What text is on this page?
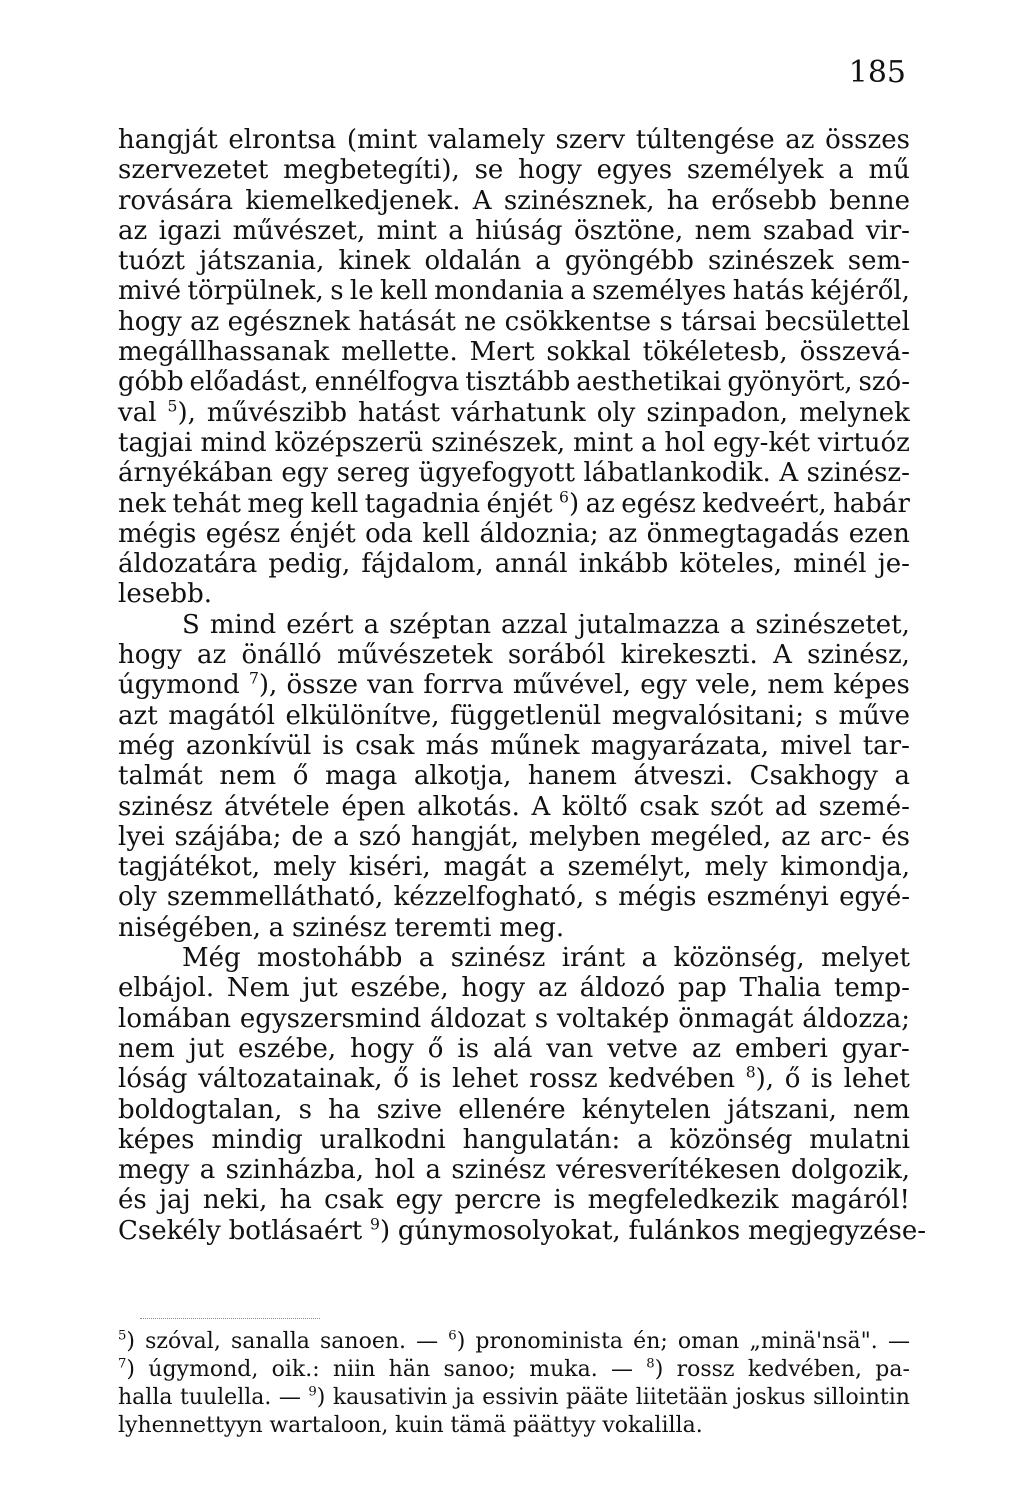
185
hangját elrontsa (mint valamely szerv túltengése az összes
szervezetet megbetegíti), se hogy egyes személyek a mű
rovására kiemelkedjenek. A szinésznek, ha erősebb benne
az igazi művészet, mint a hiúság ösztöne, nem szabad vir-
tuózt játszania, kinek oldalán a gyöngébb szinészek sem-
mivé törpülnek, s le kell mondania a személyes hatás kéjéről,
hogy az egésznek hatását ne csökkentse s társai becsülettel
megállhassanak mellette. Mert sokkal tökéletesb, összevá-
góbb előadást, ennélfogva tisztább aesthetikai gyönyört, szó-
val $^5$), művészibb hatást várhatunk oly szinpadon, melynek
tagjai mind középszerü szinészek, mint a hol egy-két virtuóz
árnyékában egy sereg ügyefogyott lábatlankodik. A szinész-
nek tehát meg kell tagadnia énjét $^6$) az egész kedveért, habár
mégis egész énjét oda kell áldoznia; az önmegtagadás ezen
áldozatára pedig, fájdalom, annál inkább köteles, minél je-
lesebb.
S mind ezért a széptan azzal jutalmazza a szinészetet,
hogy az önálló művészetek sorából kirekeszti. A szinész,
úgymond $^7$), össze van forrva művével, egy vele, nem képes
azt magától elkülönítve, függetlenül megvalósitani; s műve
még azonkívül is csak más műnek magyarázata, mivel tar-
talmát nem ő maga alkotja, hanem átveszi. Csakhogy a
szinész átvétele épen alkotás. A költő csak szót ad szemé-
lyei szájába; de a szó hangját, melyben megéled, az arc- és
tagjátékot, mely kiséri, magát a személyt, mely kimondja,
oly szemmellátható, kézzelfogható, s mégis eszményi egyé-
niségében, a szinész teremti meg.
Még mostohább a szinész iránt a közönség, melyet
elbájol. Nem jut eszébe, hogy az áldozó pap Thalia temp-
lomában egyszersmind áldozat s voltakép önmagát áldozza;
nem jut eszébe, hogy ő is alá van vetve az emberi gyar-
lóság változatainak, ő is lehet rossz kedvében $^8$), ő is lehet
boldogtalan, s ha szive ellenére kénytelen játszani, nem
képes mindig uralkodni hangulatán: a közönség mulatni
megy a szinházba, hol a szinész véresverítékesen dolgozik,
és jaj neki, ha csak egy percre is megfeledkezik magáról!
Csekély botlásaért $^9$) gúnymosolyokat, fulánkos megjegyzése-
$^5$) szóval, sanalla sanoen. — $^6$) pronominista én; oman „minä'nsä". —
$^7$) úgymond, oik.: niin hän sanoo; muka. — $^8$) rossz kedvében, pa-
halla tuulella. — $^9$) kausativin ja essivin pääte liitetään joskus sillointin
lyhennettyyn wartaloon, kuin tämä päättyy vokalilla.
